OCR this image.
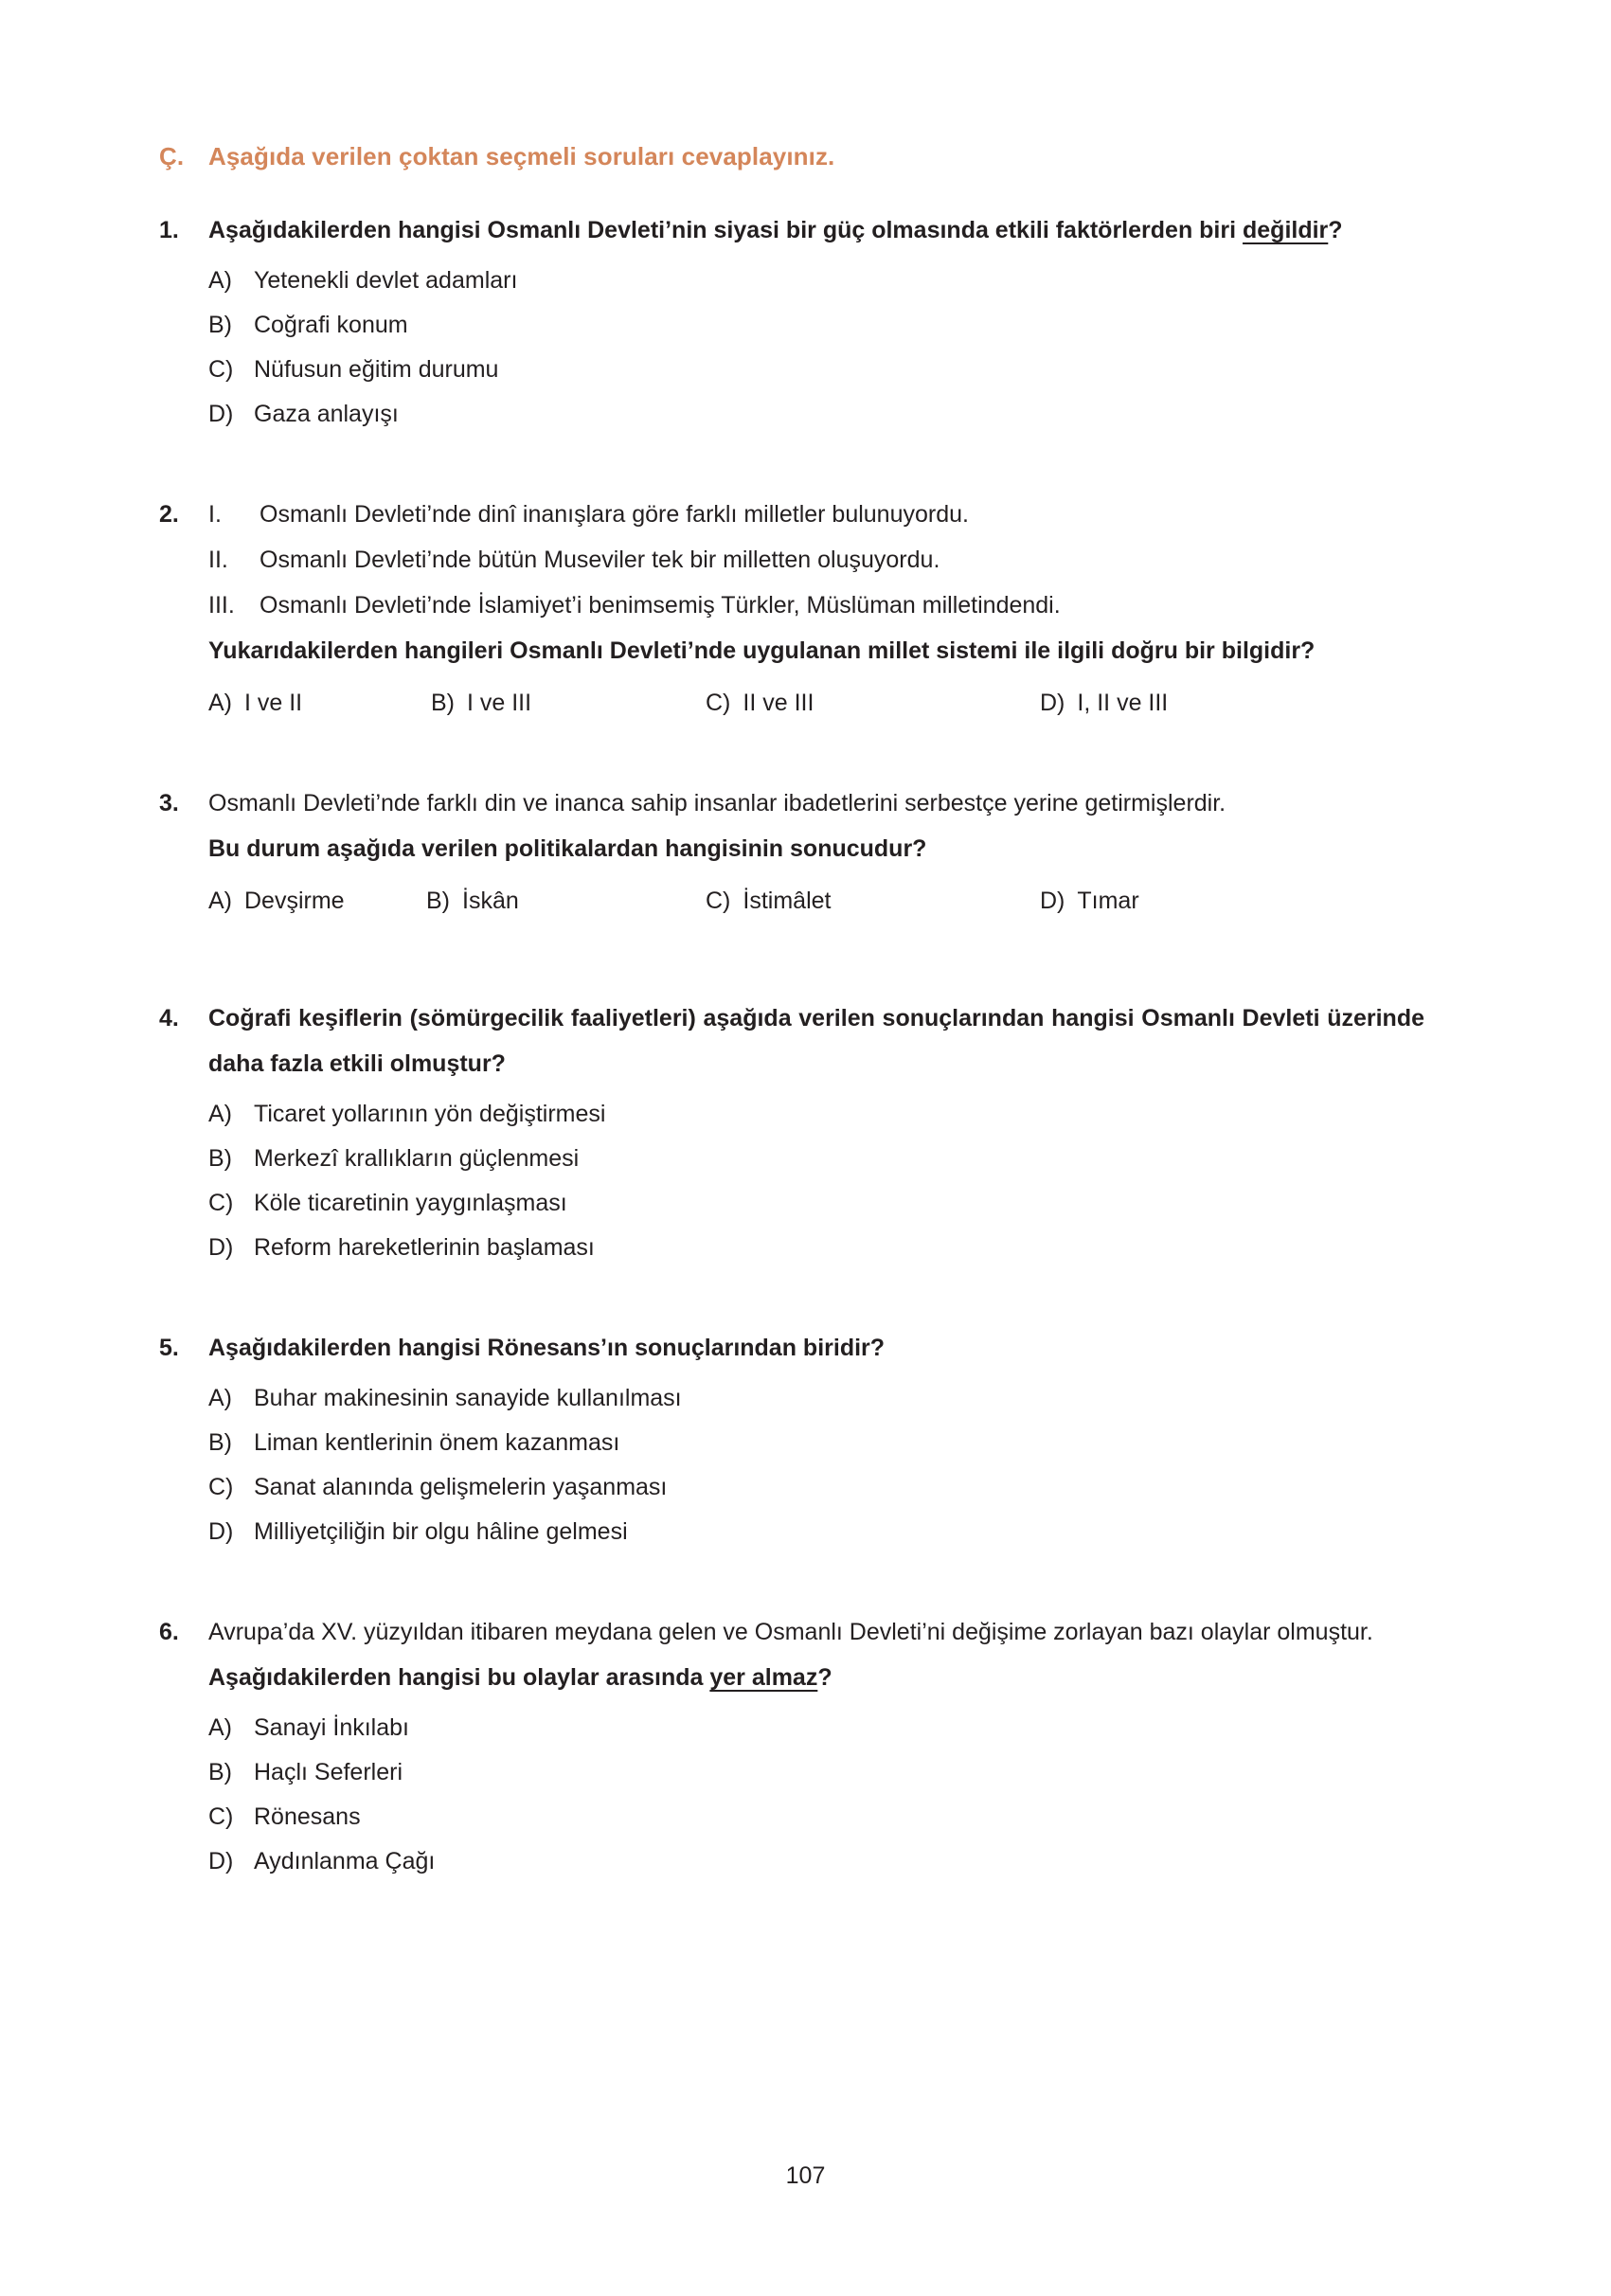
Ç. Aşağıda verilen çoktan seçmeli soruları cevaplayınız.
1.	Aşağıdakilerden hangisi Osmanlı Devleti’nin siyasi bir güç olmasında etkili faktörlerden biri değildir?
A) Yetenekli devlet adamları
B) Coğrafi konum
C) Nüfusun eğitim durumu
D) Gaza anlayışı
2.	I.	Osmanlı Devleti’nde dinî inanışlara göre farklı milletler bulunuyordu.
II.	Osmanlı Devleti’nde bütün Museviler tek bir milletten oluşuyordu.
III.	Osmanlı Devleti’nde İslamiyet’i benimsemiş Türkler, Müslüman milletindendi.
Yukarıdakilerden hangileri Osmanlı Devleti’nde uygulanan millet sistemi ile ilgili doğru bir bilgidir?
A) I ve II	B) I ve III	C) II ve III	D) I, II ve III
3.	Osmanlı Devleti’nde farklı din ve inanca sahip insanlar ibadetlerini serbestçe yerine getirmişlerdir.
Bu durum aşağıda verilen politikalardan hangisinin sonucudur?
A) Devşirme	B) İskân	C) İstimâlet	D) Tımar
4.	Coğrafi keşiflerin (sömürgecilik faaliyetleri) aşağıda verilen sonuçlarından hangisi Osmanlı Devleti üzerinde daha fazla etkili olmuştur?
A) Ticaret yollarının yön değiştirmesi
B) Merkezî krallıkların güçlenmesi
C) Köle ticaretinin yaygınlaşması
D) Reform hareketlerinin başlaması
5.	Aşağıdakilerden hangisi Rönesans’ın sonuçlarından biridir?
A) Buhar makinesinin sanayide kullanılması
B) Liman kentlerinin önem kazanması
C) Sanat alanında gelişmelerin yaşanması
D) Milliyetçiliğin bir olgu hâline gelmesi
6.	Avrupa’da XV. yüzyıldan itibaren meydana gelen ve Osmanlı Devleti’ni değişime zorlayan bazı olaylar olmuştur.
Aşağıdakilerden hangisi bu olaylar arasında yer almaz?
A) Sanayi İnkılabı
B) Haçlı Seferleri
C) Rönesans
D) Aydınlanma Çağı
107
